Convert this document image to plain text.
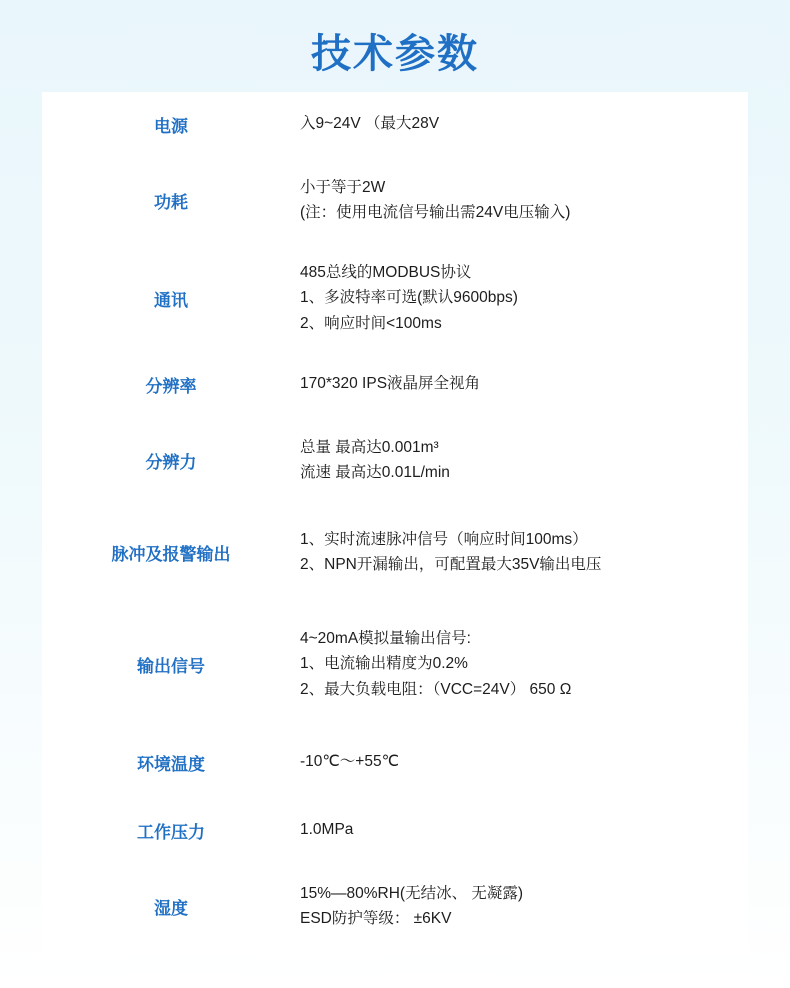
技术参数
电源	入9~24V （最大28V

功耗	小于等于2W
(注：使用电流信号输出需24V电压输入)

通讯	485总线的MODBUS协议
1、多波特率可选(默认9600bps)
2、响应时间<100ms

分辨率	170*320 IPS液晶屏全视角

分辨力	总量 最高达0.001m³
流速 最高达0.01L/min

脉冲及报警输出	1、实时流速脉冲信号（响应时间100ms）
2、NPN开漏输出，可配置最大35V输出电压

输出信号	4~20mA模拟量输出信号:
1、电流输出精度为0.2%
2、最大负载电阻：（VCC=24V） 650 Ω

环境温度	-10℃～+55℃

工作压力	1.0MPa

湿度	15%—80%RH(无结冰、 无凝露)
ESD防护等级： ±6KV
